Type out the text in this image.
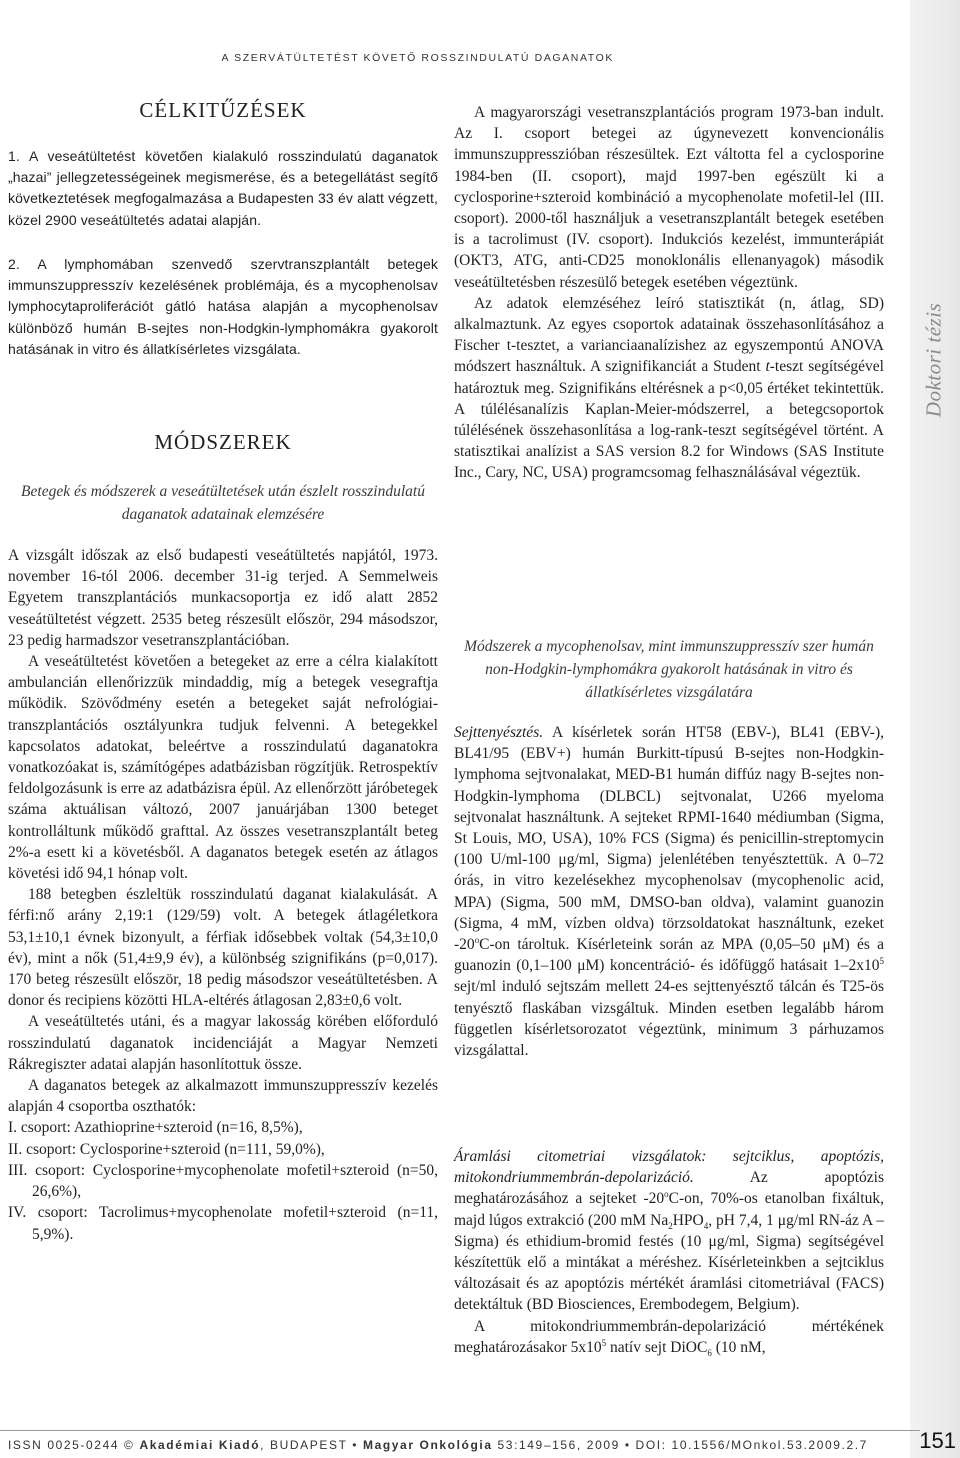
A SZERVÁTÜLTETÉST KÖVETŐ ROSSZINDULATÚ DAGANATOK
Doktori tézis
CÉLKITŰZÉSEK

1. A veseátültetést követően kialakuló rosszindulatú daganatok „hazai” jellegzetességeinek megismerése, és a betegellátást segítő következtetések megfogalmazása a Budapesten 33 év alatt végzett, közel 2900 veseátültetés adatai alapján.

2. A lymphomában szenvedő szervtranszplantált betegek immunszuppresszív kezelésének problémája, és a mycophenolsav lymphocytaproliferációt gátló hatása alapján a mycophenolsav különböző humán B-sejtes non-Hodgkin-lymphomákra gyakorolt hatásának in vitro és állatkísérletes vizsgálata.

MÓDSZEREK
Betegek és módszerek a veseátültetések után észlelt rosszindulatú daganatok adatainak elemzésére

A vizsgált időszak az első budapesti veseátültetés napjától, 1973. november 16-tól 2006. december 31-ig terjed. A Semmelweis Egyetem transzplantációs munkacsoportja ez idő alatt 2852 veseátültetést végzett. 2535 beteg részesült először, 294 másodszor, 23 pedig harmadszor vesetranszplantációban.

A veseátültetést követően a betegeket az erre a célra kialakított ambulancián ellenőrizzük mindaddig, míg a betegek vesegraftja működik. Szövődmény esetén a betegeket saját nefrológiai-transzplantációs osztályunkra tudjuk felvenni. A betegekkel kapcsolatos adatokat, beleértve a rosszindulatú daganatokra vonatkozóakat is, számítógépes adatbázisban rögzítjük. Retrospektív feldolgozásunk is erre az adatbázisra épül. Az ellenőrzött járóbetegek száma aktuálisan változó, 2007 januárjában 1300 beteget kontrolláltunk működő grafttal. Az összes vesetranszplantált beteg 2%-a esett ki a követésből. A daganatos betegek esetén az átlagos követési idő 94,1 hónap volt.

188 betegben észleltük rosszindulatú daganat kialakulását. A férfi:nő arány 2,19:1 (129/59) volt. A betegek átlagéletkora 53,1±10,1 évnek bizonyult, a férfiak idősebbek voltak (54,3±10,0 év), mint a nők (51,4±9,9 év), a különbség szignifikáns (p=0,017). 170 beteg részesült először, 18 pedig másodszor veseátültetésben. A donor és recipiens közötti HLA-eltérés átlagosan 2,83±0,6 volt.

A veseátültetés utáni, és a magyar lakosság körében előforduló rosszindulatú daganatok incidenciáját a Magyar Nemzeti Rákregiszter adatai alapján hasonlítottuk össze.

A daganatos betegek az alkalmazott immunszuppresszív kezelés alapján 4 csoportba oszthatók:

I. csoport: Azathioprine+szteroid (n=16, 8,5%),

II. csoport: Cyclosporine+szteroid (n=111, 59,0%),

III. csoport: Cyclosporine+mycophenolate mofetil+szteroid (n=50, 26,6%),

IV. csoport: Tacrolimus+mycophenolate mofetil+szteroid (n=11, 5,9%).

A magyarországi vesetranszplantációs program 1973-ban indult. Az I. csoport betegei az úgynevezett konvencionális immunszuppresszióban részesültek. Ezt váltotta fel a cyclosporine 1984-ben (II. csoport), majd 1997-ben egészült ki a cyclosporine+szteroid kombináció a mycophenolate mofetil-lel (III. csoport). 2000-től használjuk a vesetranszplantált betegek esetében is a tacrolimust (IV. csoport). Indukciós kezelést, immunterápiát (OKT3, ATG, anti-CD25 monoklonális ellenanyagok) második veseátültetésben részesülő betegek esetében végeztünk.

Az adatok elemzéséhez leíró statisztikát (n, átlag, SD) alkalmaztunk. Az egyes csoportok adatainak összehasonlításához a Fischer t-tesztet, a varianciaanalízishez az egyszempontú ANOVA módszert használtuk. A szignifikanciát a Student t-teszt segítségével határoztuk meg. Szignifikáns eltérésnek a p<0,05 értéket tekintettük. A túlélésanalízis Kaplan-Meier-módszerrel, a betegcsoportok túlélésének összehasonlítása a log-rank-teszt segítségével történt. A statisztikai analízist a SAS version 8.2 for Windows (SAS Institute Inc., Cary, NC, USA) programcsomag felhasználásával végeztük.

Módszerek a mycophenolsav, mint immunszuppresszív szer humán non-Hodgkin-lymphomákra gyakorolt hatásának in vitro és állatkísérletes vizsgálatára

Sejttenyésztés. A kísérletek során HT58 (EBV-), BL41 (EBV-), BL41/95 (EBV+) humán Burkitt-típusú B-sejtes non-Hodgkin-lymphoma sejtvonalakat, MED-B1 humán diffúz nagy B-sejtes non-Hodgkin-lymphoma (DLBCL) sejtvonalat, U266 myeloma sejtvonalat használtunk. A sejteket RPMI-1640 médiumban (Sigma, St Louis, MO, USA), 10% FCS (Sigma) és penicillin-streptomycin (100 U/ml-100 μg/ml, Sigma) jelenlétében tenyésztettük. A 0–72 órás, in vitro kezelésekhez mycophenolsav (mycophenolic acid, MPA) (Sigma, 500 mM, DMSO-ban oldva), valamint guanozin (Sigma, 4 mM, vízben oldva) törzsoldatokat használtunk, ezeket -20$^o$C-on tároltuk. Kísérleteink során az MPA (0,05–50 μM) és a guanozin (0,1–100 μM) koncentráció- és időfüggő hatásait $1-2x10^5$ sejt/ml induló sejtszám mellett 24-es sejttenyésztő tálcán és T25-ös tenyésztő flaskában vizsgáltuk. Minden esetben legalább három független kísérletsorozatot végeztünk, minimum 3 párhuzamos vizsgálattal.

Áramlási citometriai vizsgálatok: sejtciklus, apoptózis, mitokondriummembrán-depolarizáció. Az apoptózis meghatározásához a sejteket -20$^o$C-on, 70%-os etanolban fixáltuk, majd lúgos extrakció (200 mM $Na_2HPO_4$, pH 7,4, 1 μg/ml RN-áz A – Sigma) és ethidium-bromid festés (10 μg/ml, Sigma) segítségével készítettük elő a mintákat a méréshez. Kísérleteinkben a sejtciklus változásait és az apoptózis mértékét áramlási citometriával (FACS) detektáltuk (BD Biosciences, Erembodegem, Belgium).

A mitokondriummembrán-depolarizáció mértékének meghatározásakor $5x10^5$ natív sejt DiOC$_6$ (10 nM,

ISSN 0025-0244 © Akadémiai Kiadó, BUDAPEST • Magyar Onkológia 53:149–156, 2009 • DOI: 10.1556/MOnkol.53.2009.2.7 151
